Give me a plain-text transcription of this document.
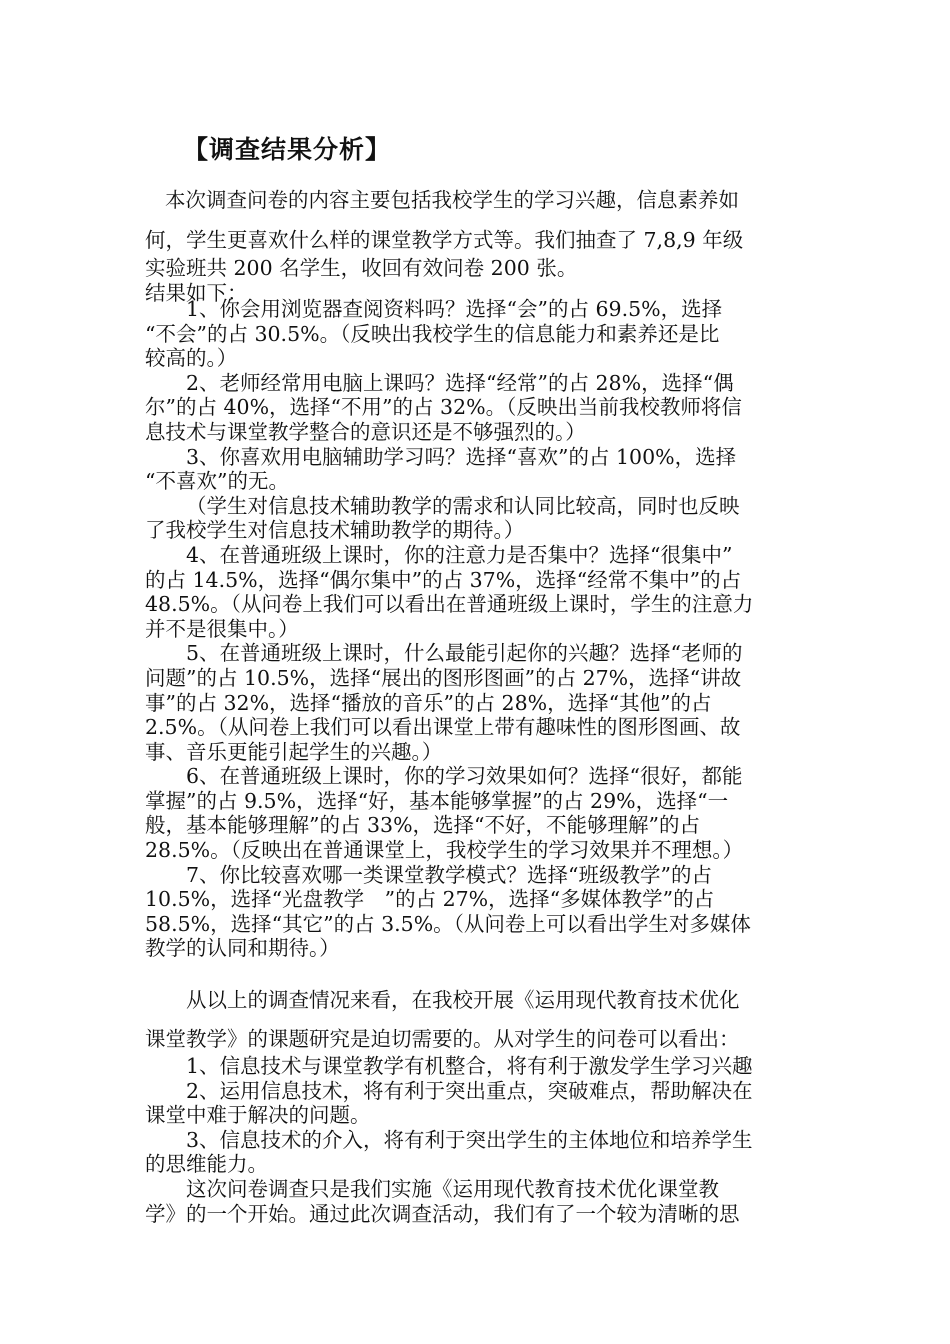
【调查结果分析】
本次调查问卷的内容主要包括我校学生的学习兴趣，信息素养如
何，学生更喜欢什么样的课堂教学方式等。我们抽查了 7,8,9 年级
实验班共 200 名学生，收回有效问卷 200 张。
结果如下：
1、你会用浏览器查阅资料吗？选择“会”的占 69.5%，选择
“不会”的占 30.5%。（反映出我校学生的信息能力和素养还是比
较高的。）
2、老师经常用电脑上课吗？选择“经常”的占 28%，选择“偶
尔”的占 40%，选择“不用”的占 32%。（反映出当前我校教师将信
息技术与课堂教学整合的意识还是不够强烈的。）
3、你喜欢用电脑辅助学习吗？选择“喜欢”的占 100%，选择
“不喜欢”的无。
（学生对信息技术辅助教学的需求和认同比较高，同时也反映
了我校学生对信息技术辅助教学的期待。）
4、在普通班级上课时，你的注意力是否集中？选择“很集中”
的占 14.5%，选择“偶尔集中”的占 37%，选择“经常不集中”的占
48.5%。（从问卷上我们可以看出在普通班级上课时，学生的注意力
并不是很集中。）
5、在普通班级上课时，什么最能引起你的兴趣？选择“老师的
问题”的占 10.5%，选择“展出的图形图画”的占 27%，选择“讲故
事”的占 32%，选择“播放的音乐”的占 28%，选择“其他”的占
2.5%。（从问卷上我们可以看出课堂上带有趣味性的图形图画、故
事、音乐更能引起学生的兴趣。）
6、在普通班级上课时，你的学习效果如何？选择“很好，都能
掌握”的占 9.5%，选择“好，基本能够掌握”的占 29%，选择“一
般，基本能够理解”的占 33%，选择“不好，不能够理解”的占
28.5%。（反映出在普通课堂上，我校学生的学习效果并不理想。）
7、你比较喜欢哪一类课堂教学模式？选择“班级教学”的占
10.5%，选择“光盘教学　”的占 27%，选择“多媒体教学”的占
58.5%，选择“其它”的占 3.5%。（从问卷上可以看出学生对多媒体
教学的认同和期待。）
从以上的调查情况来看，在我校开展《运用现代教育技术优化
课堂教学》的课题研究是迫切需要的。从对学生的问卷可以看出：
1、信息技术与课堂教学有机整合，将有利于激发学生学习兴趣
2、运用信息技术，将有利于突出重点，突破难点，帮助解决在
课堂中难于解决的问题。
3、信息技术的介入，将有利于突出学生的主体地位和培养学生
的思维能力。
这次问卷调查只是我们实施《运用现代教育技术优化课堂教
学》的一个开始。通过此次调查活动，我们有了一个较为清晰的思
